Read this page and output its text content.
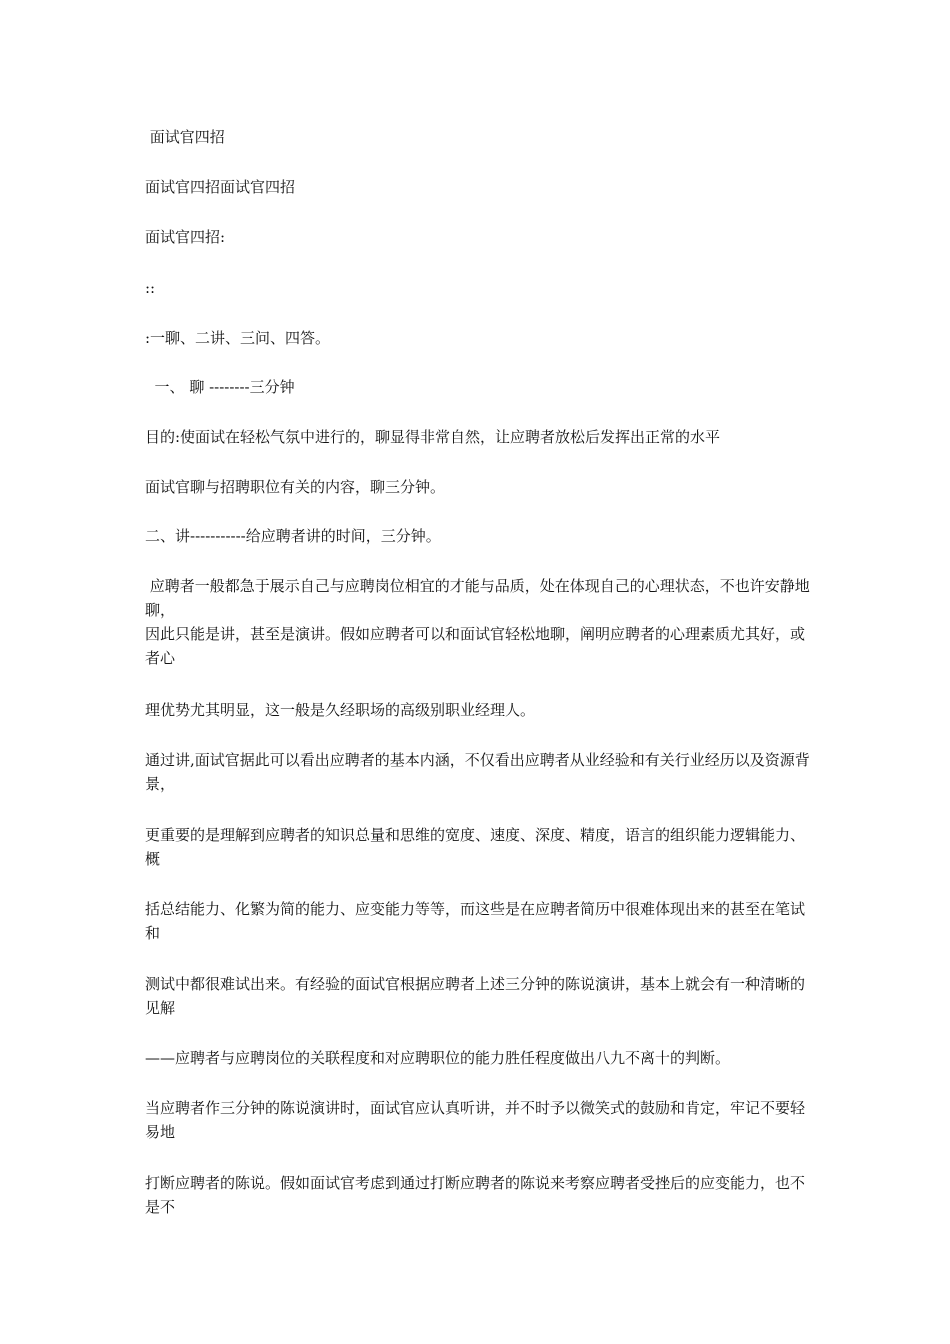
面试官四招

面试官四招面试官四招

面试官四招:

::

:一聊、二讲、三问、四答。

一、 聊 --------三分钟

目的:使面试在轻松气氛中进行的，聊显得非常自然，让应聘者放松后发挥出正常的水平

面试官聊与招聘职位有关的内容，聊三分钟。

二、讲-----------给应聘者讲的时间，三分钟。

应聘者一般都急于展示自己与应聘岗位相宜的才能与品质，处在体现自己的心理状态，不也许安静地聊，
因此只能是讲，甚至是演讲。假如应聘者可以和面试官轻松地聊，阐明应聘者的心理素质尤其好，或者心

理优势尤其明显，这一般是久经职场的高级别职业经理人。

通过讲,面试官据此可以看出应聘者的基本内涵，不仅看出应聘者从业经验和有关行业经历以及资源背景，

更重要的是理解到应聘者的知识总量和思维的宽度、速度、深度、精度，语言的组织能力逻辑能力、概

括总结能力、化繁为简的能力、应变能力等等，而这些是在应聘者简历中很难体现出来的甚至在笔试和

测试中都很难试出来。有经验的面试官根据应聘者上述三分钟的陈说演讲，基本上就会有一种清晰的见解

——应聘者与应聘岗位的关联程度和对应聘职位的能力胜任程度做出八九不离十的判断。

当应聘者作三分钟的陈说演讲时，面试官应认真听讲，并不时予以微笑式的鼓励和肯定，牢记不要轻易地

打断应聘者的陈说。假如面试官考虑到通过打断应聘者的陈说来考察应聘者受挫后的应变能力，也不是不
